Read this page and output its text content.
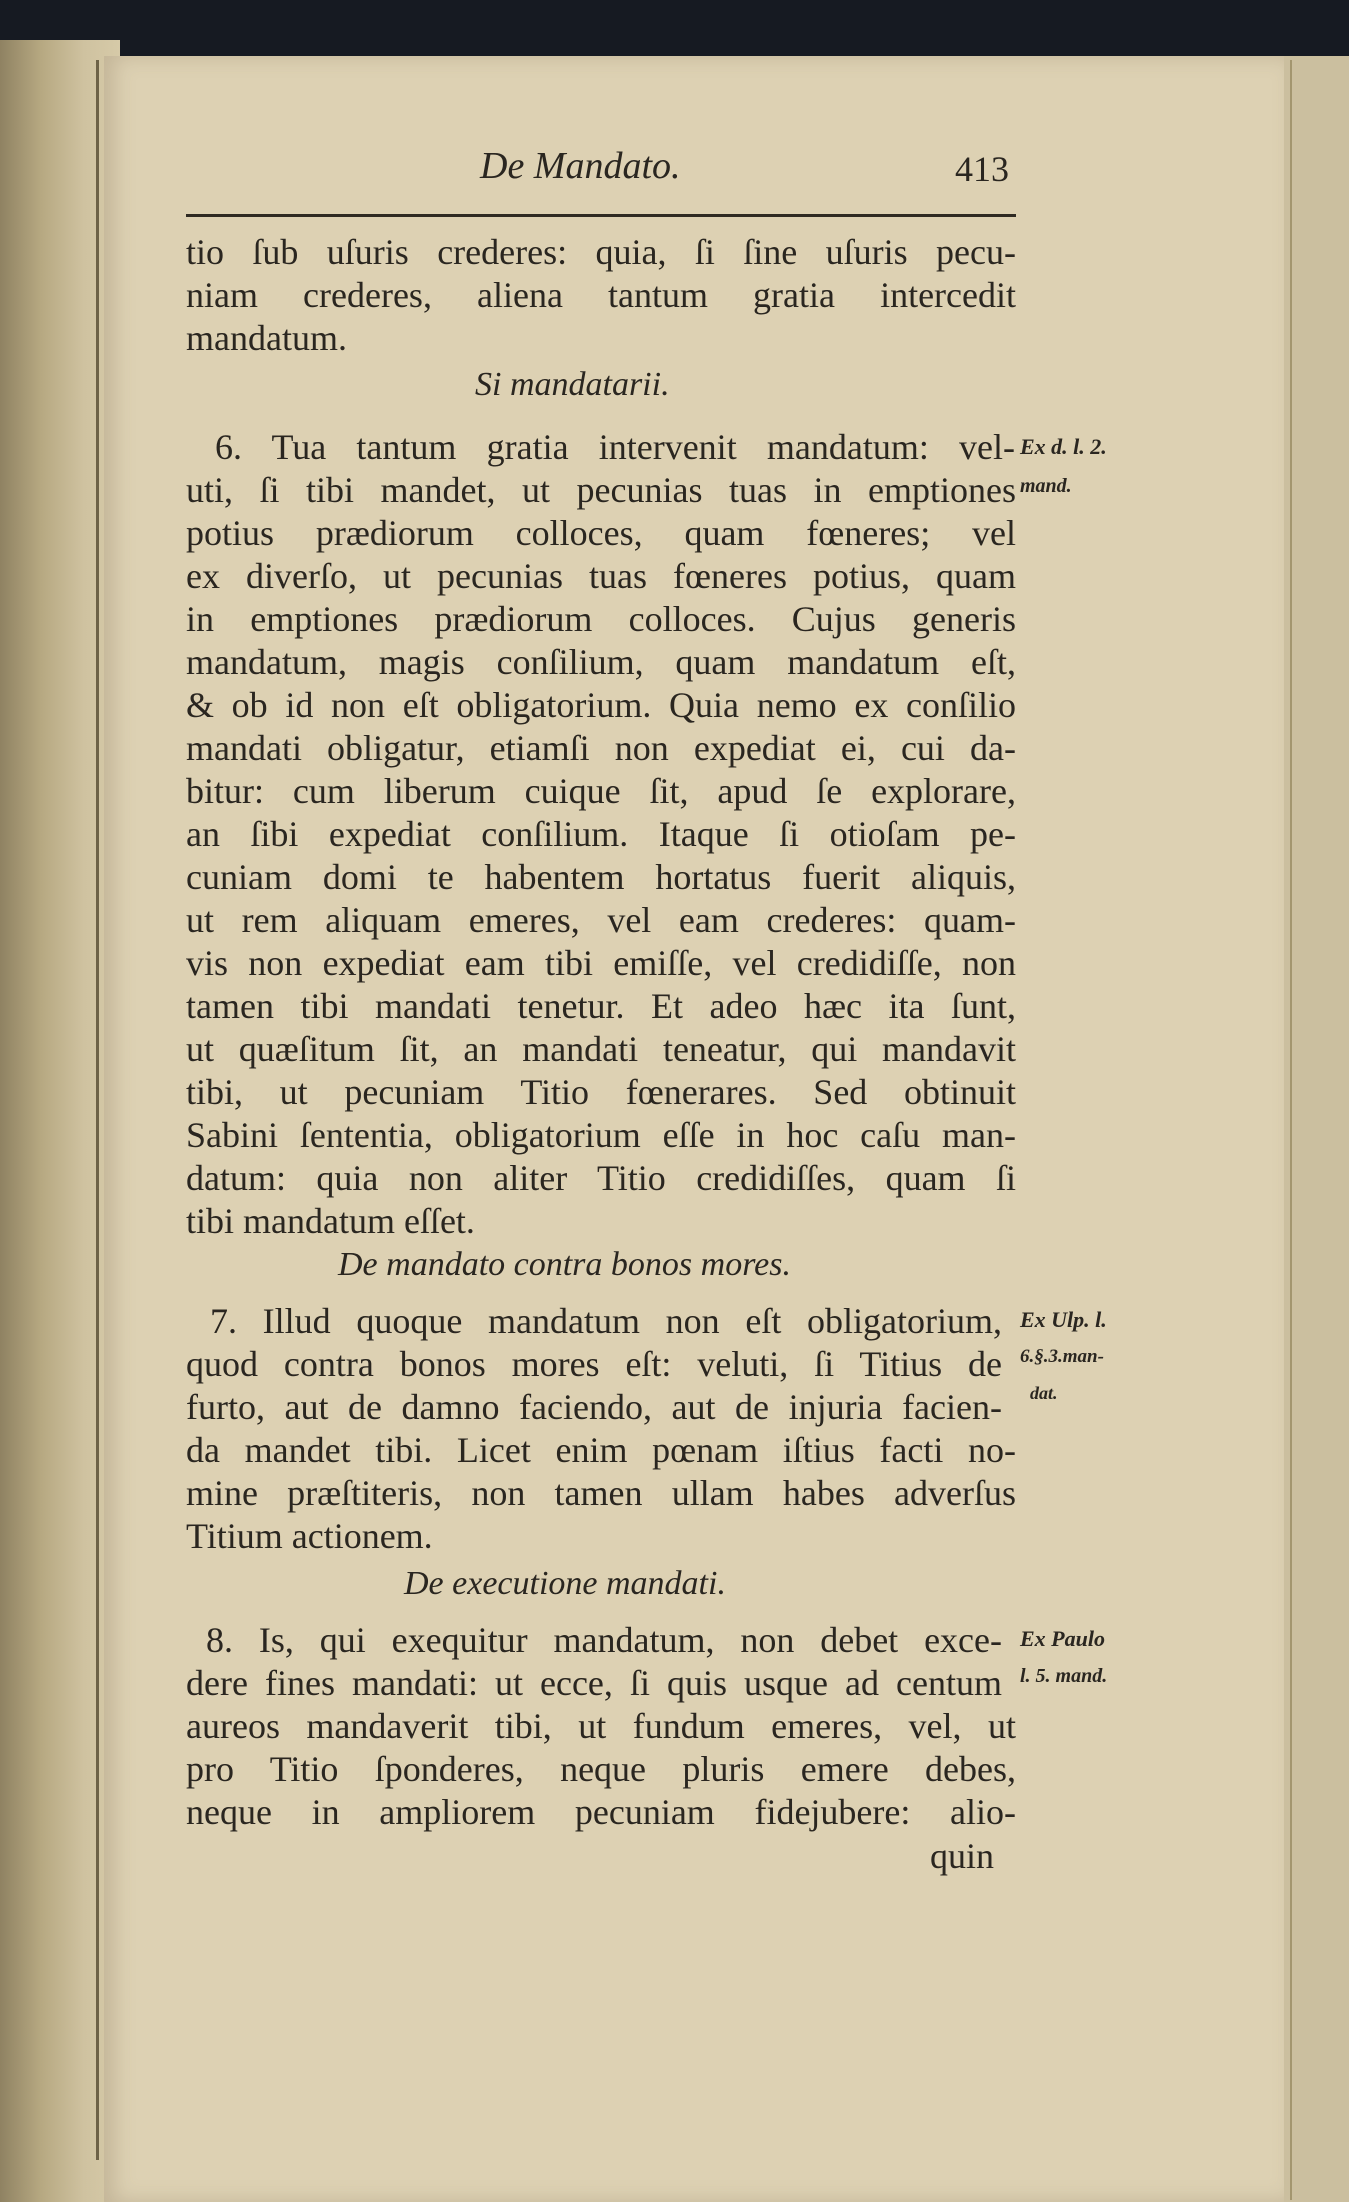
De Mandato.	413
tio ſub uſuris crederes: quia, ſi ſine uſuris pecu-
niam crederes, aliena tantum gratia intercedit
mandatum.
Si mandatarii.
6. Tua tantum gratia intervenit mandatum: vel-
uti, ſi tibi mandet, ut pecunias tuas in emptiones
potius prædiorum colloces, quam fœneres; vel
ex diverſo, ut pecunias tuas fœneres potius, quam
in emptiones prædiorum colloces. Cujus generis
mandatum, magis conſilium, quam mandatum eſt,
& ob id non eſt obligatorium. Quia nemo ex conſilio
mandati obligatur, etiamſi non expediat ei, cui da-
bitur: cum liberum cuique ſit, apud ſe explorare,
an ſibi expediat conſilium. Itaque ſi otioſam pe-
cuniam domi te habentem hortatus fuerit aliquis,
ut rem aliquam emeres, vel eam crederes: quam-
vis non expediat eam tibi emiſſe, vel credidiſſe, non
tamen tibi mandati tenetur. Et adeo hæc ita ſunt,
ut quæſitum ſit, an mandati teneatur, qui mandavit
tibi, ut pecuniam Titio fœnerares. Sed obtinuit
Sabini ſententia, obligatorium eſſe in hoc caſu man-
datum: quia non aliter Titio credidiſſes, quam ſi
tibi mandatum eſſet.
Ex d. l. 2.
mand.
De mandato contra bonos mores.
7. Illud quoque mandatum non eſt obligatorium,
quod contra bonos mores eſt: veluti, ſi Titius de
furto, aut de damno faciendo, aut de injuria facien-
da mandet tibi. Licet enim pœnam iſtius facti no-
mine præſtiteris, non tamen ullam habes adverſus
Titium actionem.
Ex Ulp. l.
6.§.3.man-
dat.
De executione mandati.
8. Is, qui exequitur mandatum, non debet exce-
dere fines mandati: ut ecce, ſi quis usque ad centum
aureos mandaverit tibi, ut fundum emeres, vel, ut
pro Titio ſponderes, neque pluris emere debes,
neque in ampliorem pecuniam fidejubere: alio-
Ex Paulo
l. 5. mand.
quin
